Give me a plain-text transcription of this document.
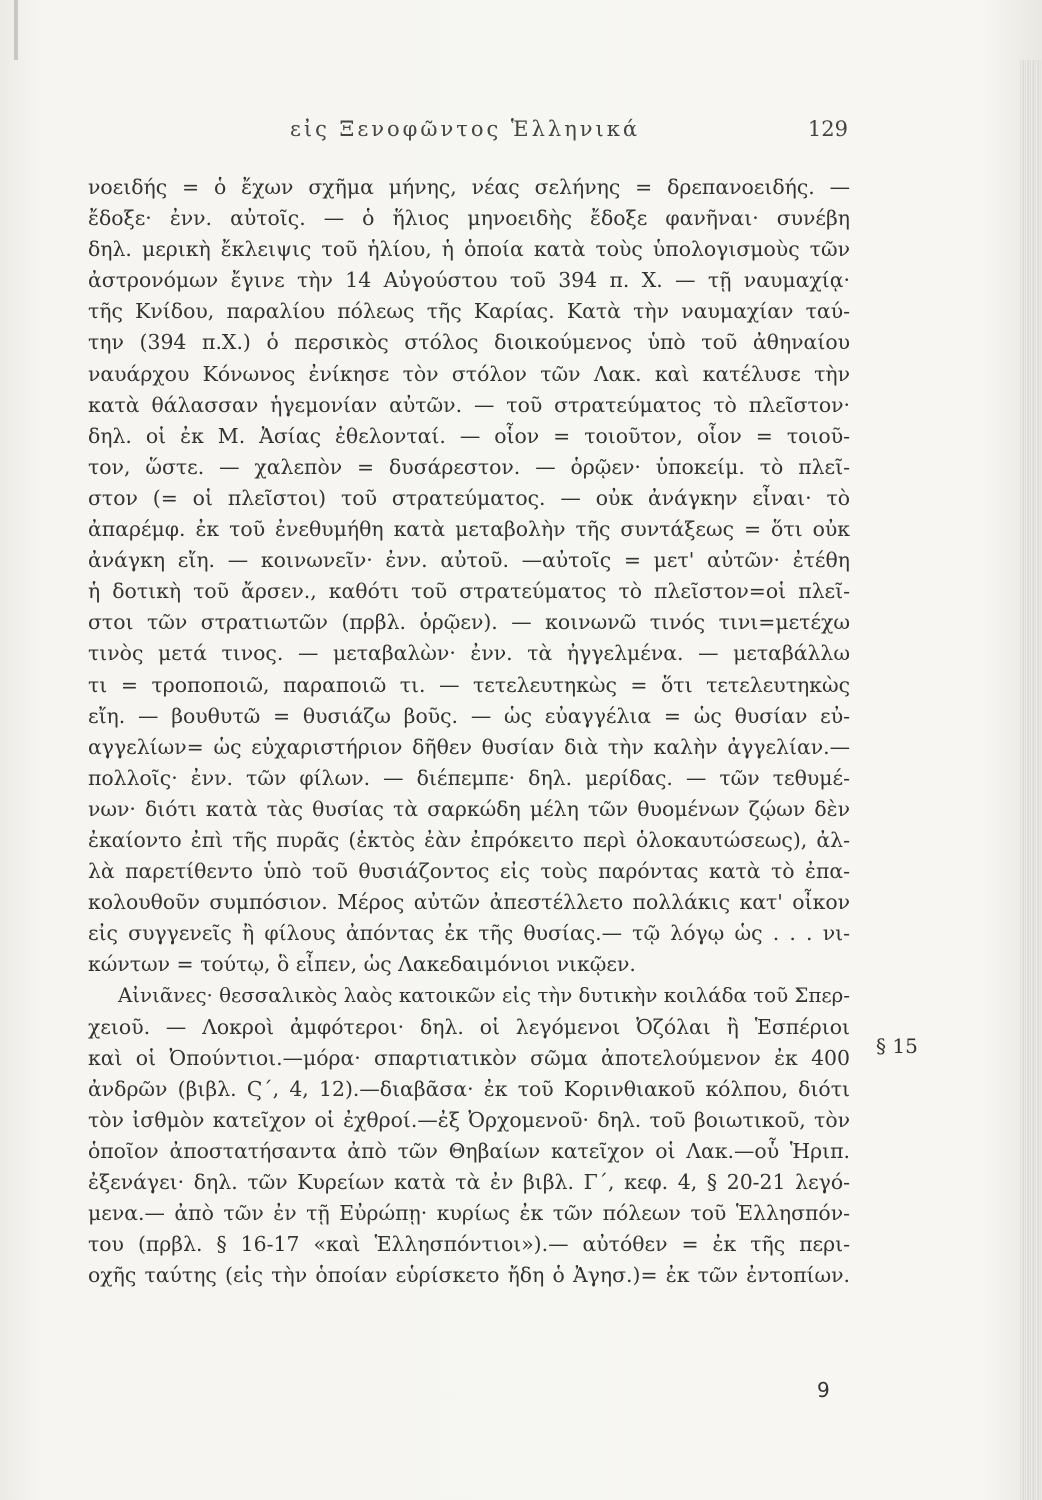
εἰς Ξενοφῶντος Ἑλληνικά	129
νοειδής = ὁ ἔχων σχῆμα μήνης, νέας σελήνης = δρεπανοειδής. —
ἔδοξε· ἐνν. αὐτοῖς. — ὁ ἥλιος μηνοειδὴς ἔδοξε φανῆναι· συνέβη
δηλ. μερικὴ ἔκλειψις τοῦ ἡλίου, ἡ ὁποία κατὰ τοὺς ὑπολογισμοὺς τῶν
ἀστρονόμων ἔγινε τὴν 14 Αὐγούστου τοῦ 394 π. Χ. — τῇ ναυμαχίᾳ·
τῆς Κνίδου, παραλίου πόλεως τῆς Καρίας. Κατὰ τὴν ναυμαχίαν ταύ-
την (394 π.Χ.) ὁ περσικὸς στόλος διοικούμενος ὑπὸ τοῦ ἀθηναίου
ναυάρχου Κόνωνος ἐνίκησε τὸν στόλον τῶν Λακ. καὶ κατέλυσε τὴν
κατὰ θάλασσαν ἡγεμονίαν αὐτῶν. — τοῦ στρατεύματος τὸ πλεῖστον·
δηλ. οἱ ἐκ Μ. Ἀσίας ἐθελονταί. — οἷον = τοιοῦτον, οἷον = τοιοῦ-
τον, ὥστε. — χαλεπὸν = δυσάρεστον. — ὁρῷεν· ὑποκείμ. τὸ πλεῖ-
στον (= οἱ πλεῖστοι) τοῦ στρατεύματος. — οὐκ ἀνάγκην εἶναι· τὸ
ἀπαρέμφ. ἐκ τοῦ ἐνεθυμήθη κατὰ μεταβολὴν τῆς συντάξεως = ὅτι οὐκ
ἀνάγκη εἴη. — κοινωνεῖν· ἐνν. αὐτοῦ. —αὐτοῖς = μετ' αὐτῶν· ἐτέθη
ἡ δοτικὴ τοῦ ἄρσεν., καθότι τοῦ στρατεύματος τὸ πλεῖστον=οἱ πλεῖ-
στοι τῶν στρατιωτῶν (πρβλ. ὁρῷεν). — κοινωνῶ τινός τινι=μετέχω
τινὸς μετά τινος. — μεταβαλὼν· ἐνν. τὰ ἠγγελμένα. — μεταβάλλω
τι = τροποποιῶ, παραποιῶ τι. — τετελευτηκὼς = ὅτι τετελευτηκὼς
εἴη. — βουθυτῶ = θυσιάζω βοῦς. — ὡς εὐαγγέλια = ὡς θυσίαν εὐ-
αγγελίων= ὡς εὐχαριστήριον δῆθεν θυσίαν διὰ τὴν καλὴν ἀγγελίαν.—
πολλοῖς· ἐνν. τῶν φίλων. — διέπεμπε· δηλ. μερίδας. — τῶν τεθυμέ-
νων· διότι κατὰ τὰς θυσίας τὰ σαρκώδη μέλη τῶν θυομένων ζῴων δὲν
ἐκαίοντο ἐπὶ τῆς πυρᾶς (ἐκτὸς ἐὰν ἐπρόκειτο περὶ ὁλοκαυτώσεως), ἀλ-
λὰ παρετίθεντο ὑπὸ τοῦ θυσιάζοντος εἰς τοὺς παρόντας κατὰ τὸ ἐπα-
κολουθοῦν συμπόσιον. Μέρος αὐτῶν ἀπεστέλλετο πολλάκις κατ' οἶκον
εἰς συγγενεῖς ἢ φίλους ἀπόντας ἐκ τῆς θυσίας.— τῷ λόγῳ ὡς . . . νι-
κώντων = τούτῳ, ὃ εἶπεν, ὡς Λακεδαιμόνιοι νικῷεν.
Αἰνιᾶνες· θεσσαλικὸς λαὸς κατοικῶν εἰς τὴν δυτικὴν κοιλάδα τοῦ Σπερ-
χειοῦ. — Λοκροὶ ἀμφότεροι· δηλ. οἱ λεγόμενοι Ὀζόλαι ἢ Ἑσπέριοι
καὶ οἱ Ὀπούντιοι.—μόρα· σπαρτιατικὸν σῶμα ἀποτελούμενον ἐκ 400
ἀνδρῶν (βιβλ. Ϛ΄, 4, 12).—διαβᾶσα· ἐκ τοῦ Κορινθιακοῦ κόλπου, διότι
τὸν ἰσθμὸν κατεῖχον οἱ ἐχθροί.—ἐξ Ὀρχομενοῦ· δηλ. τοῦ βοιωτικοῦ, τὸν
ὁποῖον ἀποστατήσαντα ἀπὸ τῶν Θηβαίων κατεῖχον οἱ Λακ.—οὗ Ἡριπ.
ἐξενάγει· δηλ. τῶν Κυρείων κατὰ τὰ ἐν βιβλ. Γ΄, κεφ. 4, § 20-21 λεγό-
μενα.— ἀπὸ τῶν ἐν τῇ Εὐρώπῃ· κυρίως ἐκ τῶν πόλεων τοῦ Ἑλλησπόν-
του (πρβλ. § 16-17 «καὶ Ἑλλησπόντιοι»).— αὐτόθεν = ἐκ τῆς περι-
οχῆς ταύτης (εἰς τὴν ὁποίαν εὑρίσκετο ἤδη ὁ Ἀγησ.)= ἐκ τῶν ἐντοπίων.
§ 15
9
